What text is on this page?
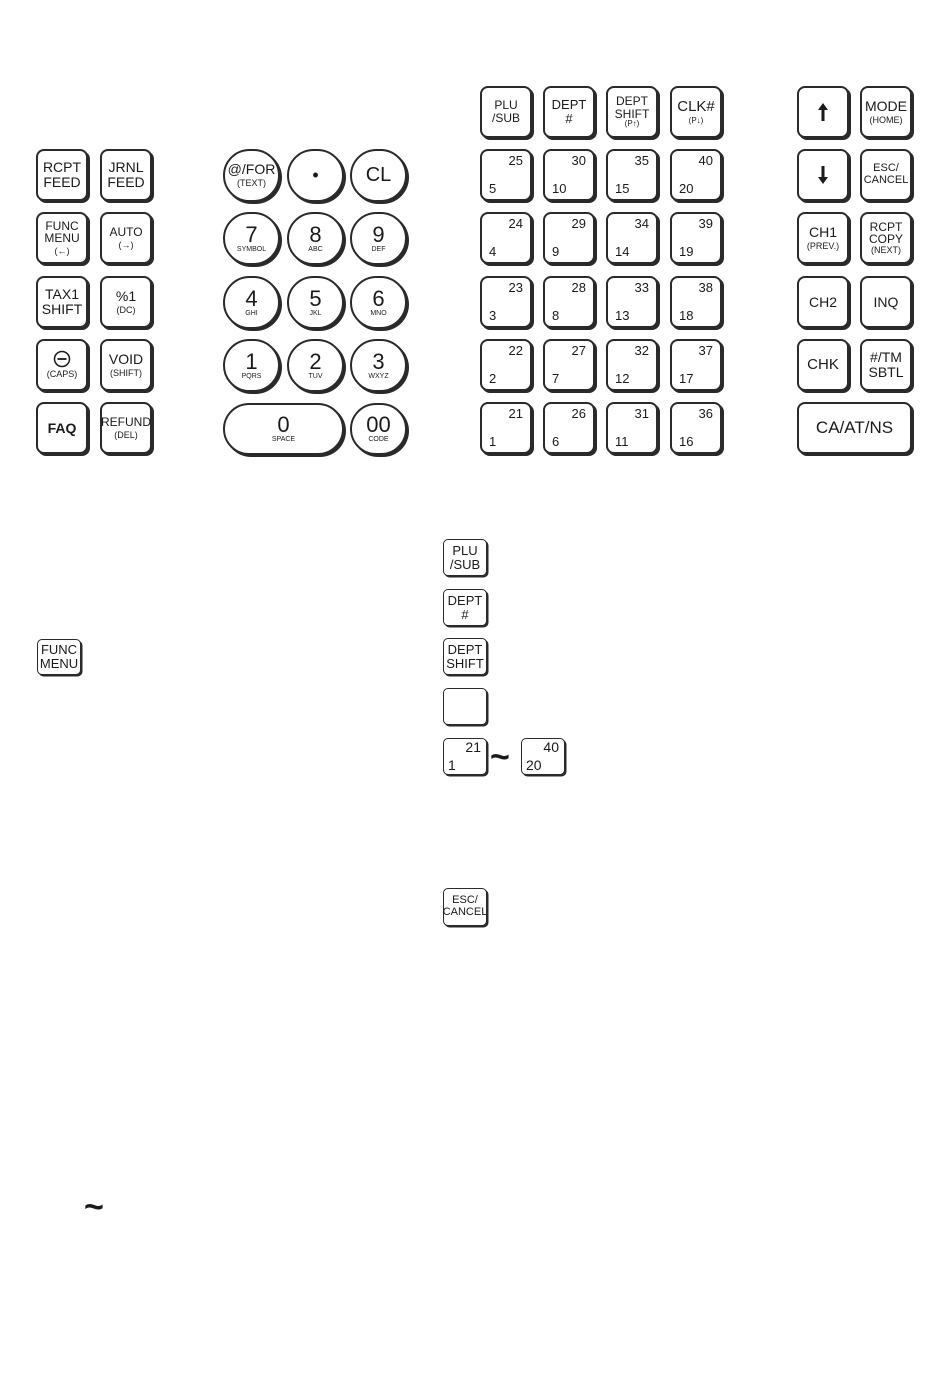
RCPT
FEED
JRNL
FEED
FUNC
MENU
(←)
AUTO
(→)
TAX1
SHIFT
%1
(DC)
(CAPS)
VOID
(SHIFT)
FAQ REFUND
(DEL)
@/FOR
(TEXT)	• CL
7
SYMBOL
8
ABC
9
DEF
4
GHI
5
JKL
6
MNO
1
PQRS
2
TUV
3
WXYZ
0
SPACE
00
CODE
PLU
/SUB
DEPT
#
DEPT
SHIFT
(P↑)
CLK#
(P↓)
25
5
30
10
35
15
40
20
24
4
29
9
34
14
39
19
23
3
28
8
33
13
38
18
22
2
27
7
32
12
37
17
21
1
26
6
31
11
36
16
MODE
(HOME)
ESC/
CANCEL
CH1
(PREV.)
RCPT
COPY
(NEXT)
CH2	INQ
CHK #/TM
SBTL
CA/AT/NS
FUNC
MENU
PLU
/SUB
DEPT
#
DEPT
SHIFT
21
1 ~ 40
20
ESC/
CANCEL
~
